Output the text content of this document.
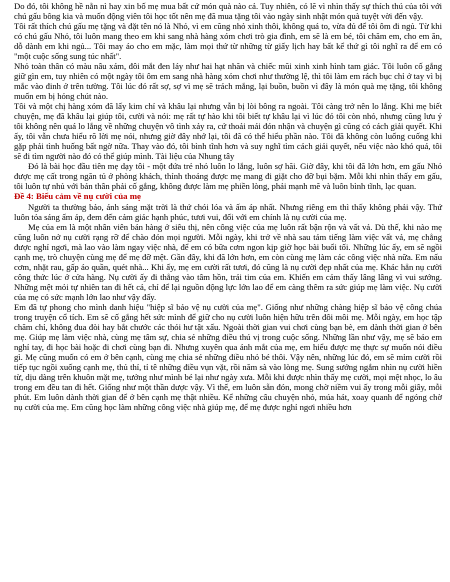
Do đó, tôi không hề nằn nì hay xin bố mẹ mua bất cứ món quà nào cả. Tuy nhiên, có lẽ vì nhìn thấy sự thích thú của tôi với chú gấu bông kia và muốn động viên tôi học tốt nên mẹ đã mua tặng tôi vào ngày sinh nhật món quà tuyệt vời đến vậy.

Tôi rất thích chú gấu mẹ tặng và đặt tên nó là Nhỏ, vì em cũng nhỏ xinh thôi, không quá to, vừa đủ để tôi ôm đi ngủ. Từ khi có chú gấu Nhỏ, tôi luôn mang theo em khi sang nhà hàng xóm chơi trò gia đình, em sẽ là em bé, tôi chăm em, cho em ăn, dỗ dành em khi ngủ... Tôi may áo cho em mặc, làm mọi thứ từ những từ giấy lịch hay bất kể thứ gì tôi nghĩ ra để em có "một cuộc sống sung túc nhất".

Nhỏ toàn thân có màu nâu xám, đôi mắt đen láy như hai hạt nhãn và chiếc mũi xinh xinh hình tam giác. Tôi luôn cố gắng giữ gìn em, tuy nhiên có một ngày tôi ôm em sang nhà hàng xóm chơi như thường lệ, thì tôi làm em rách bục chỉ ở tay vì bị mắc vào đinh ở trên tường. Tôi lúc đó rất sợ, sợ vì mẹ sẽ trách mắng, lại buồn, buồn vì đây là món quà mẹ tặng, tôi không muốn em bị hỏng chút nào.

Tôi và một chị hàng xóm đã lấy kim chỉ và khâu lại nhưng vẫn bị lòi bông ra ngoài. Tôi càng trở nên lo lắng. Khi mẹ biết chuyện, mẹ đã khâu lại giúp tôi, cười và nói: mẹ rất tự hào khi tôi biết tự khâu lại vì lúc đó tôi còn nhỏ, nhưng cũng lưu ý tôi không nên quá lo lắng về những chuyện vô tình xảy ra, cứ thoải mái đón nhận và chuyện gì cũng có cách giải quyết. Khi ấy, tôi vẫn chưa hiểu rõ lời mẹ nói, nhưng giờ đây nhớ lại, tôi đã có thể hiểu phần nào. Tôi đã không còn luống cuống khi gặp phải tình huống bất ngờ nữa. Thay vào đó, tôi bình tĩnh hơn và suy nghĩ tìm cách giải quyết, nếu việc nào khó quá, tôi sẽ đi tìm người nào đó có thể giúp mình. Tài liệu của Nhung tây

Đó là bài học đầu tiên mẹ dạy tôi - một đứa trẻ nhỏ luôn lo lắng, luôn sợ hãi. Giờ đây, khi tôi đã lớn hơn, em gấu Nhỏ được mẹ cất trong ngăn tủ ở phòng khách, thỉnh thoảng được mẹ mang đi giặt cho đỡ bụi bặm. Mỗi khi nhìn thấy em gấu, tôi luôn tự nhủ với bản thân phải cố gắng, không được làm mẹ phiền lòng, phải mạnh mẽ và luôn bình tĩnh, lạc quan.

Đề 4: Biểu cảm về nụ cười của mẹ

Người ta thường bảo, ánh sáng mặt trời là thứ chói lóa và ấm áp nhất. Nhưng riêng em thì thấy không phải vậy. Thứ luôn tỏa sáng ấm áp, đem đến cảm giác hạnh phúc, tươi vui, đối với em chính là nụ cười của mẹ.

Mẹ của em là một nhân viên bán hàng ở siêu thị, nên công việc của mẹ luôn rất bận rộn và vất vả. Dù thế, khi nào mẹ cũng luôn nở nụ cười rạng rỡ để chào đón mọi người. Mỗi ngày, khi trở về nhà sau tám tiếng làm việc vất vả, mẹ chẳng được nghỉ ngơi, mà lao vào làm ngay việc nhà, để em có bữa cơm ngon kịp giờ học bài buổi tối. Những lúc ấy, em sẽ ngồi cạnh mẹ, trò chuyện cùng mẹ để mẹ đỡ mệt. Gần đây, khi đã lớn hơn, em còn cùng mẹ làm các công việc nhà nữa. Em nấu cơm, nhặt rau, gấp áo quần, quét nhà... Khi ấy, mẹ em cười rất tươi, đó cũng là nụ cười đẹp nhất của mẹ. Khác hẳn nụ cười công thức lúc ở cửa hàng. Nụ cười ấy đi thẳng vào tâm hồn, trái tim của em. Khiến em cảm thấy lâng lâng vì vui sướng. Những mệt mỏi tự nhiên tan đi hết cả, chỉ để lại nguồn động lực lớn lao để em càng thêm ra sức giúp mẹ làm việc. Nụ cười của mẹ có sức mạnh lớn lao như vậy đấy.

Em đã tự phong cho mình danh hiệu "hiệp sĩ bảo vệ nụ cười của mẹ". Giống như những chàng hiệp sĩ bảo vệ công chúa trong truyện cổ tích. Em sẽ cố gắng hết sức mình để giữ cho nụ cười luôn hiện hữu trên đôi môi mẹ. Mỗi ngày, em học tập chăm chỉ, không đua đòi hay bắt chước các thói hư tật xấu. Ngoài thời gian vui chơi cùng bạn bè, em dành thời gian ở bên mẹ. Giúp mẹ làm việc nhà, cùng mẹ tâm sự, chia sẻ những điều thú vị trong cuộc sống. Những lần như vậy, mẹ sẽ bảo em nghỉ tay, đi học bài hoặc đi chơi cùng bạn đi. Nhưng xuyên qua ánh mắt của mẹ, em hiểu được mẹ thực sự muốn nói điều gì. Mẹ cũng muốn có em ở bên cạnh, cùng mẹ chia sẻ những điều nhỏ bé thôi. Vậy nên, những lúc đó, em sẽ mỉm cười rồi tiếp tục ngồi xuống cạnh mẹ, thủ thỉ, tỉ tê những điều vụn vặt, rồi năm sà vào lòng mẹ. Sung sướng ngắm nhìn nụ cười hiền từ, dịu dàng trên khuôn mặt mẹ, tưởng như mình bé lại như ngày xưa. Mỗi khi được nhìn thấy mẹ cười, mọi mệt nhọc, lo âu trong em đều tan đi hết. Giống như một thần dược vậy. Vì thế, em luôn sẵn đón, mong chờ niềm vui ấy trong mỗi giây, mỗi phút. Em luôn dành thời gian để ở bên cạnh mẹ thật nhiều. Kể những câu chuyện nhỏ, múa hát, xoay quanh để ngóng chờ nụ cười của mẹ. Em cũng học làm những công việc nhà giúp mẹ, để mẹ được nghỉ ngơi nhiều hơn
